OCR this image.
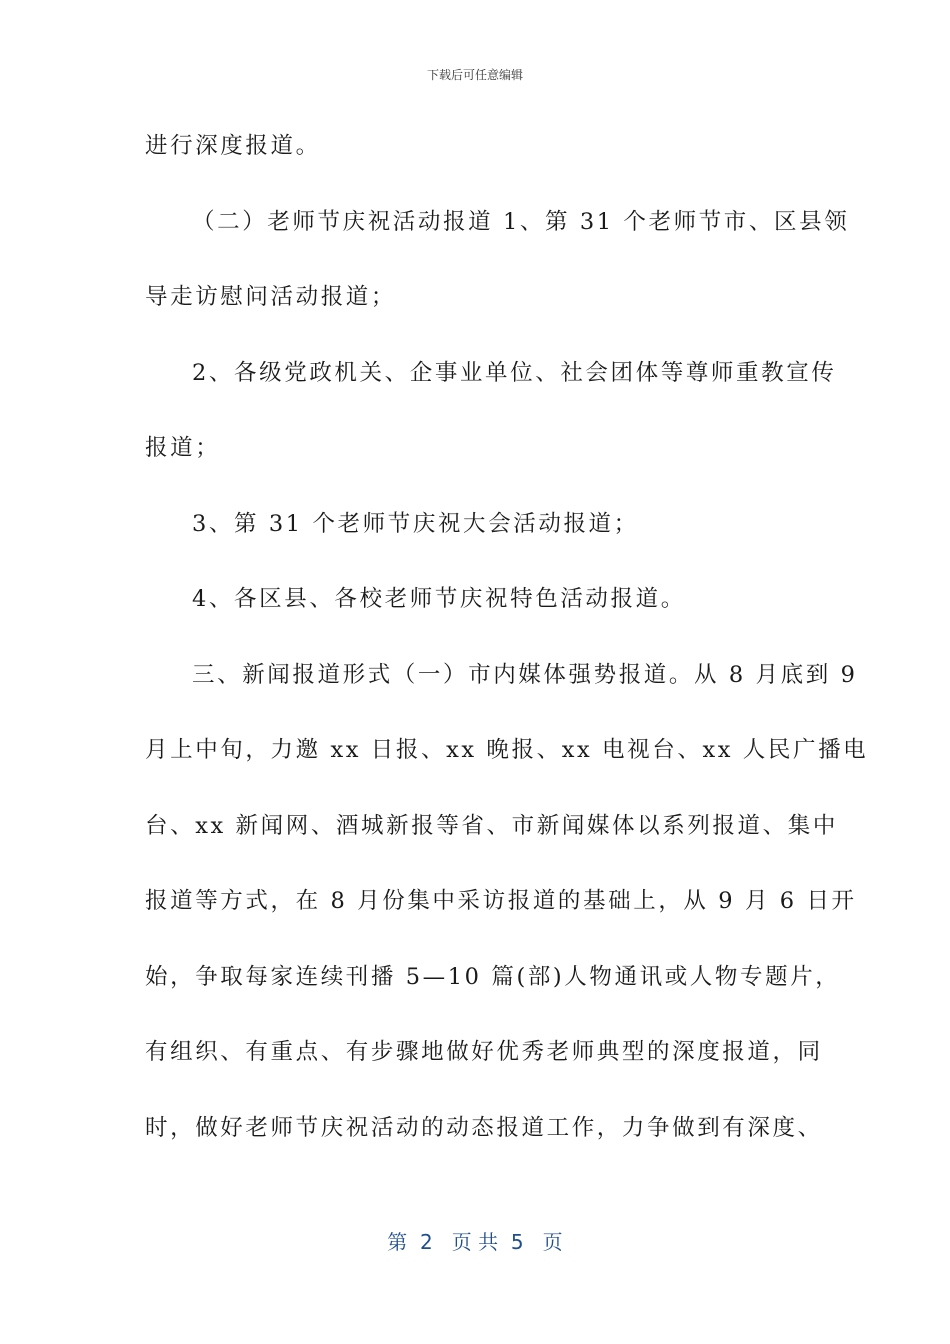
下载后可任意编辑
进行深度报道。
（二）老师节庆祝活动报道 1、第 31 个老师节市、区县领
导走访慰问活动报道；
2、各级党政机关、企事业单位、社会团体等尊师重教宣传
报道；
3、第 31 个老师节庆祝大会活动报道；
4、各区县、各校老师节庆祝特色活动报道。
三、新闻报道形式（一）市内媒体强势报道。从 8 月底到 9
月上中旬，力邀 xx 日报、xx 晚报、xx 电视台、xx 人民广播电
台、xx 新闻网、酒城新报等省、市新闻媒体以系列报道、集中
报道等方式，在 8 月份集中采访报道的基础上，从 9 月 6 日开
始，争取每家连续刊播 5—10 篇(部)人物通讯或人物专题片，
有组织、有重点、有步骤地做好优秀老师典型的深度报道，同
时，做好老师节庆祝活动的动态报道工作，力争做到有深度、
第  2   页 共  5   页
